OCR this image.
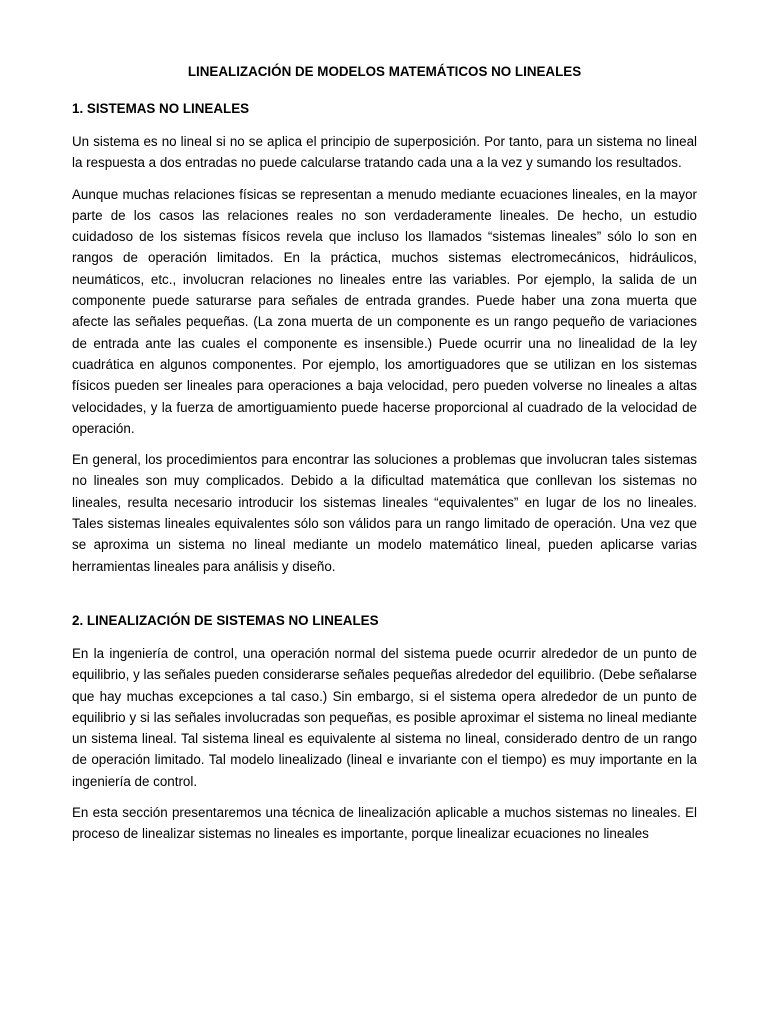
LINEALIZACIÓN DE MODELOS MATEMÁTICOS NO LINEALES
1. SISTEMAS NO LINEALES

Un sistema es no lineal si no se aplica el principio de superposición. Por tanto, para un sistema no lineal la respuesta a dos entradas no puede calcularse tratando cada una a la vez y sumando los resultados.

Aunque muchas relaciones físicas se representan a menudo mediante ecuaciones lineales, en la mayor parte de los casos las relaciones reales no son verdaderamente lineales. De hecho, un estudio cuidadoso de los sistemas físicos revela que incluso los llamados “sistemas lineales” sólo lo son en rangos de operación limitados. En la práctica, muchos sistemas electromecánicos, hidráulicos, neumáticos, etc., involucran relaciones no lineales entre las variables. Por ejemplo, la salida de un componente puede saturarse para señales de entrada grandes. Puede haber una zona muerta que afecte las señales pequeñas. (La zona muerta de un componente es un rango pequeño de variaciones de entrada ante las cuales el componente es insensible.) Puede ocurrir una no linealidad de la ley cuadrática en algunos componentes. Por ejemplo, los amortiguadores que se utilizan en los sistemas físicos pueden ser lineales para operaciones a baja velocidad, pero pueden volverse no lineales a altas velocidades, y la fuerza de amortiguamiento puede hacerse proporcional al cuadrado de la velocidad de operación.

En general, los procedimientos para encontrar las soluciones a problemas que involucran tales sistemas no lineales son muy complicados. Debido a la dificultad matemática que conllevan los sistemas no lineales, resulta necesario introducir los sistemas lineales “equivalentes” en lugar de los no lineales. Tales sistemas lineales equivalentes sólo son válidos para un rango limitado de operación. Una vez que se aproxima un sistema no lineal mediante un modelo matemático lineal, pueden aplicarse varias herramientas lineales para análisis y diseño.

2. LINEALIZACIÓN DE SISTEMAS NO LINEALES

En la ingeniería de control, una operación normal del sistema puede ocurrir alrededor de un punto de equilibrio, y las señales pueden considerarse señales pequeñas alrededor del equilibrio. (Debe señalarse que hay muchas excepciones a tal caso.) Sin embargo, si el sistema opera alrededor de un punto de equilibrio y si las señales involucradas son pequeñas, es posible aproximar el sistema no lineal mediante un sistema lineal. Tal sistema lineal es equivalente al sistema no lineal, considerado dentro de un rango de operación limitado. Tal modelo linealizado (lineal e invariante con el tiempo) es muy importante en la ingeniería de control.

En esta sección presentaremos una técnica de linealización aplicable a muchos sistemas no lineales. El proceso de linealizar sistemas no lineales es importante, porque linealizar ecuaciones no lineales
